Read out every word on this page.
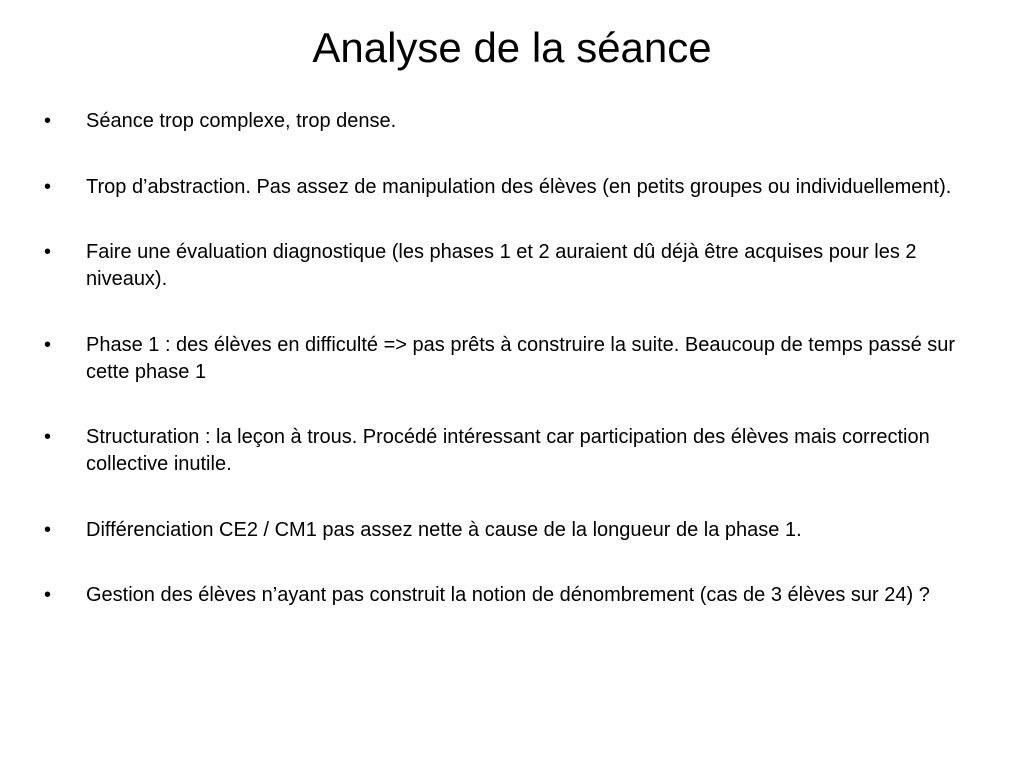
Analyse de la séance
•	Séance trop complexe, trop dense.
•	Trop d’abstraction. Pas assez de manipulation des élèves (en petits groupes ou individuellement).
•	Faire une évaluation diagnostique (les phases 1 et 2 auraient dû déjà être acquises pour les 2 niveaux).
•	Phase 1 : des élèves en difficulté => pas prêts à construire la suite. Beaucoup de temps passé sur cette phase 1
•	Structuration : la leçon à trous. Procédé intéressant car participation des élèves mais correction collective inutile.
•	Différenciation CE2 / CM1 pas assez nette à cause de la longueur de la phase 1.
•	Gestion des élèves n’ayant pas construit la notion de dénombrement (cas de 3 élèves sur 24) ?
